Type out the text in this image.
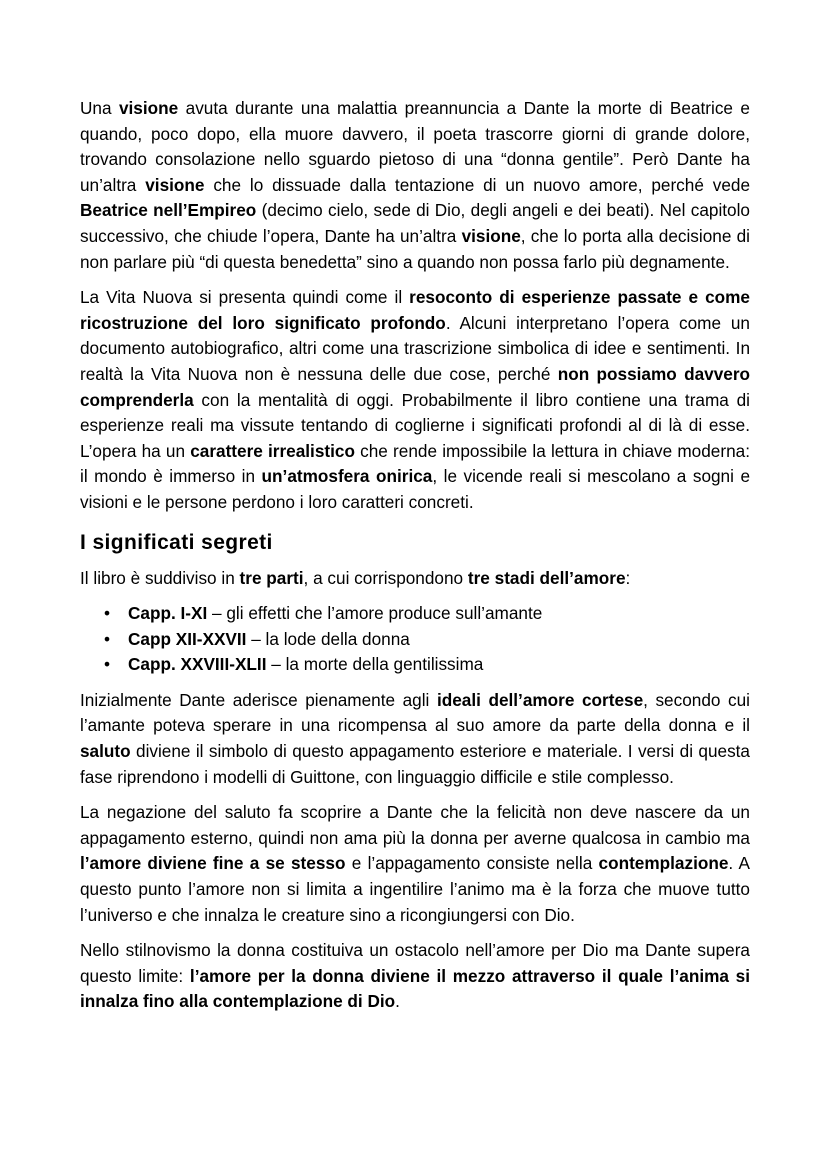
Una visione avuta durante una malattia preannuncia a Dante la morte di Beatrice e quando, poco dopo, ella muore davvero, il poeta trascorre giorni di grande dolore, trovando consolazione nello sguardo pietoso di una “donna gentile”. Però Dante ha un’altra visione che lo dissuade dalla tentazione di un nuovo amore, perché vede Beatrice nell’Empireo (decimo cielo, sede di Dio, degli angeli e dei beati). Nel capitolo successivo, che chiude l’opera, Dante ha un’altra visione, che lo porta alla decisione di non parlare più “di questa benedetta” sino a quando non possa farlo più degnamente.

La Vita Nuova si presenta quindi come il resoconto di esperienze passate e come ricostruzione del loro significato profondo. Alcuni interpretano l’opera come un documento autobiografico, altri come una trascrizione simbolica di idee e sentimenti. In realtà la Vita Nuova non è nessuna delle due cose, perché non possiamo davvero comprenderla con la mentalità di oggi. Probabilmente il libro contiene una trama di esperienze reali ma vissute tentando di coglierne i significati profondi al di là di esse. L’opera ha un carattere irrealistico che rende impossibile la lettura in chiave moderna: il mondo è immerso in un’atmosfera onirica, le vicende reali si mescolano a sogni e visioni e le persone perdono i loro caratteri concreti.

I significati segreti

Il libro è suddiviso in tre parti, a cui corrispondono tre stadi dell’amore:

• Capp. I-XI – gli effetti che l’amore produce sull’amante
• Capp XII-XXVII – la lode della donna
• Capp. XXVIII-XLII – la morte della gentilissima

Inizialmente Dante aderisce pienamente agli ideali dell’amore cortese, secondo cui l’amante poteva sperare in una ricompensa al suo amore da parte della donna e il saluto diviene il simbolo di questo appagamento esteriore e materiale. I versi di questa fase riprendono i modelli di Guittone, con linguaggio difficile e stile complesso.

La negazione del saluto fa scoprire a Dante che la felicità non deve nascere da un appagamento esterno, quindi non ama più la donna per averne qualcosa in cambio ma l’amore diviene fine a se stesso e l’appagamento consiste nella contemplazione. A questo punto l’amore non si limita a ingentilire l’animo ma è la forza che muove tutto l’universo e che innalza le creature sino a ricongiungersi con Dio.

Nello stilnovismo la donna costituiva un ostacolo nell’amore per Dio ma Dante supera questo limite: l’amore per la donna diviene il mezzo attraverso il quale l’anima si innalza fino alla contemplazione di Dio.
